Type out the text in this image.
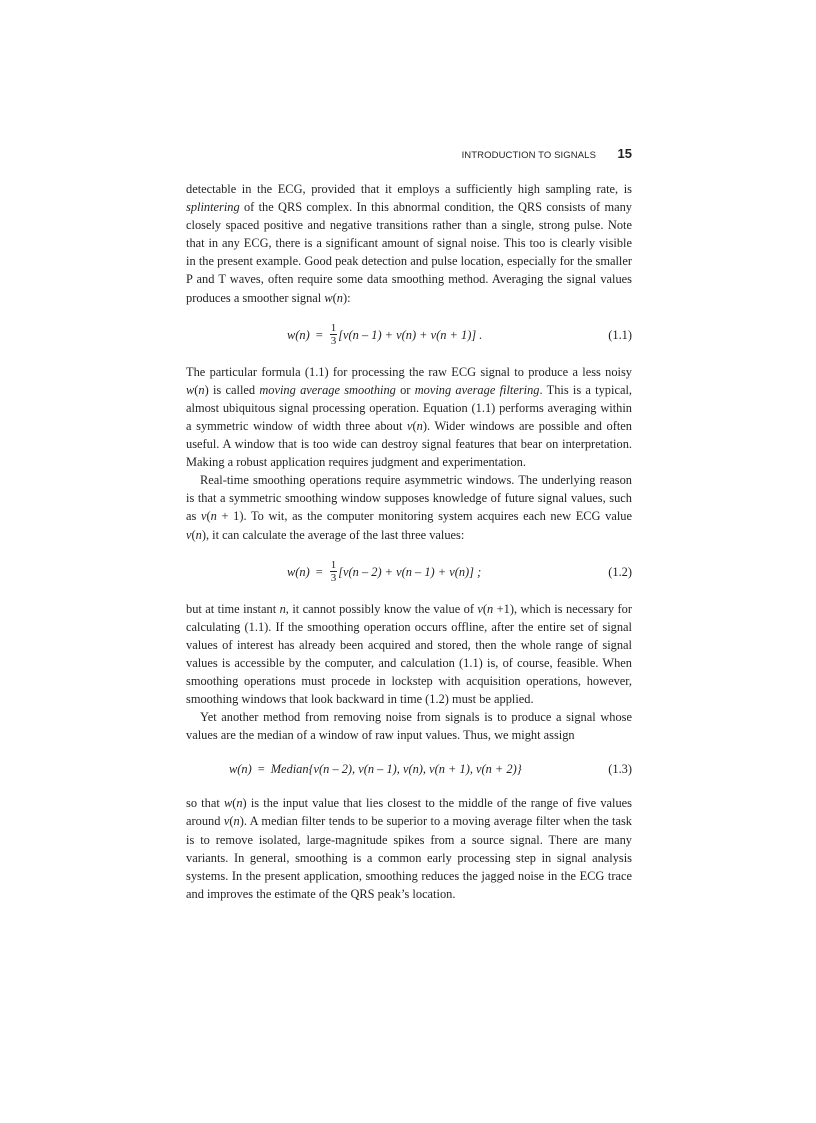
INTRODUCTION TO SIGNALS 15

detectable in the ECG, provided that it employs a sufficiently high sampling rate, is splintering of the QRS complex. In this abnormal condition, the QRS consists of many closely spaced positive and negative transitions rather than a single, strong pulse. Note that in any ECG, there is a significant amount of signal noise. This too is clearly visible in the present example. Good peak detection and pulse location, especially for the smaller P and T waves, often require some data smoothing method. Averaging the signal values produces a smoother signal w(n):

$w(n) = \frac{1}{3} [v(n - 1) + v(n) + v(n + 1)]$ .	(1.1)

The particular formula (1.1) for processing the raw ECG signal to produce a less noisy w(n) is called moving average smoothing or moving average filtering. This is a typical, almost ubiquitous signal processing operation. Equation (1.1) performs averaging within a symmetric window of width three about v(n). Wider windows are possible and often useful. A window that is too wide can destroy signal features that bear on interpretation. Making a robust application requires judgment and experimentation.

Real-time smoothing operations require asymmetric windows. The underlying reason is that a symmetric smoothing window supposes knowledge of future signal values, such as v(n + 1). To wit, as the computer monitoring system acquires each new ECG value v(n), it can calculate the average of the last three values:

$w(n) = \frac{1}{3} [v(n - 2) + v(n - 1) + v(n)]$ ;	(1.2)

but at time instant n, it cannot possibly know the value of v(n +1), which is necessary for calculating (1.1). If the smoothing operation occurs offline, after the entire set of signal values of interest has already been acquired and stored, then the whole range of signal values is accessible by the computer, and calculation (1.1) is, of course, feasible. When smoothing operations must procede in lockstep with acquisition operations, however, smoothing windows that look backward in time (1.2) must be applied.

Yet another method from removing noise from signals is to produce a signal whose values are the median of a window of raw input values. Thus, we might assign

w(n) = Median{v(n – 2), v(n – 1), v(n), v(n + 1), v(n + 2)}	(1.3)

so that w(n) is the input value that lies closest to the middle of the range of five values around v(n). A median filter tends to be superior to a moving average filter when the task is to remove isolated, large-magnitude spikes from a source signal. There are many variants. In general, smoothing is a common early processing step in signal analysis systems. In the present application, smoothing reduces the jagged noise in the ECG trace and improves the estimate of the QRS peak’s location.
